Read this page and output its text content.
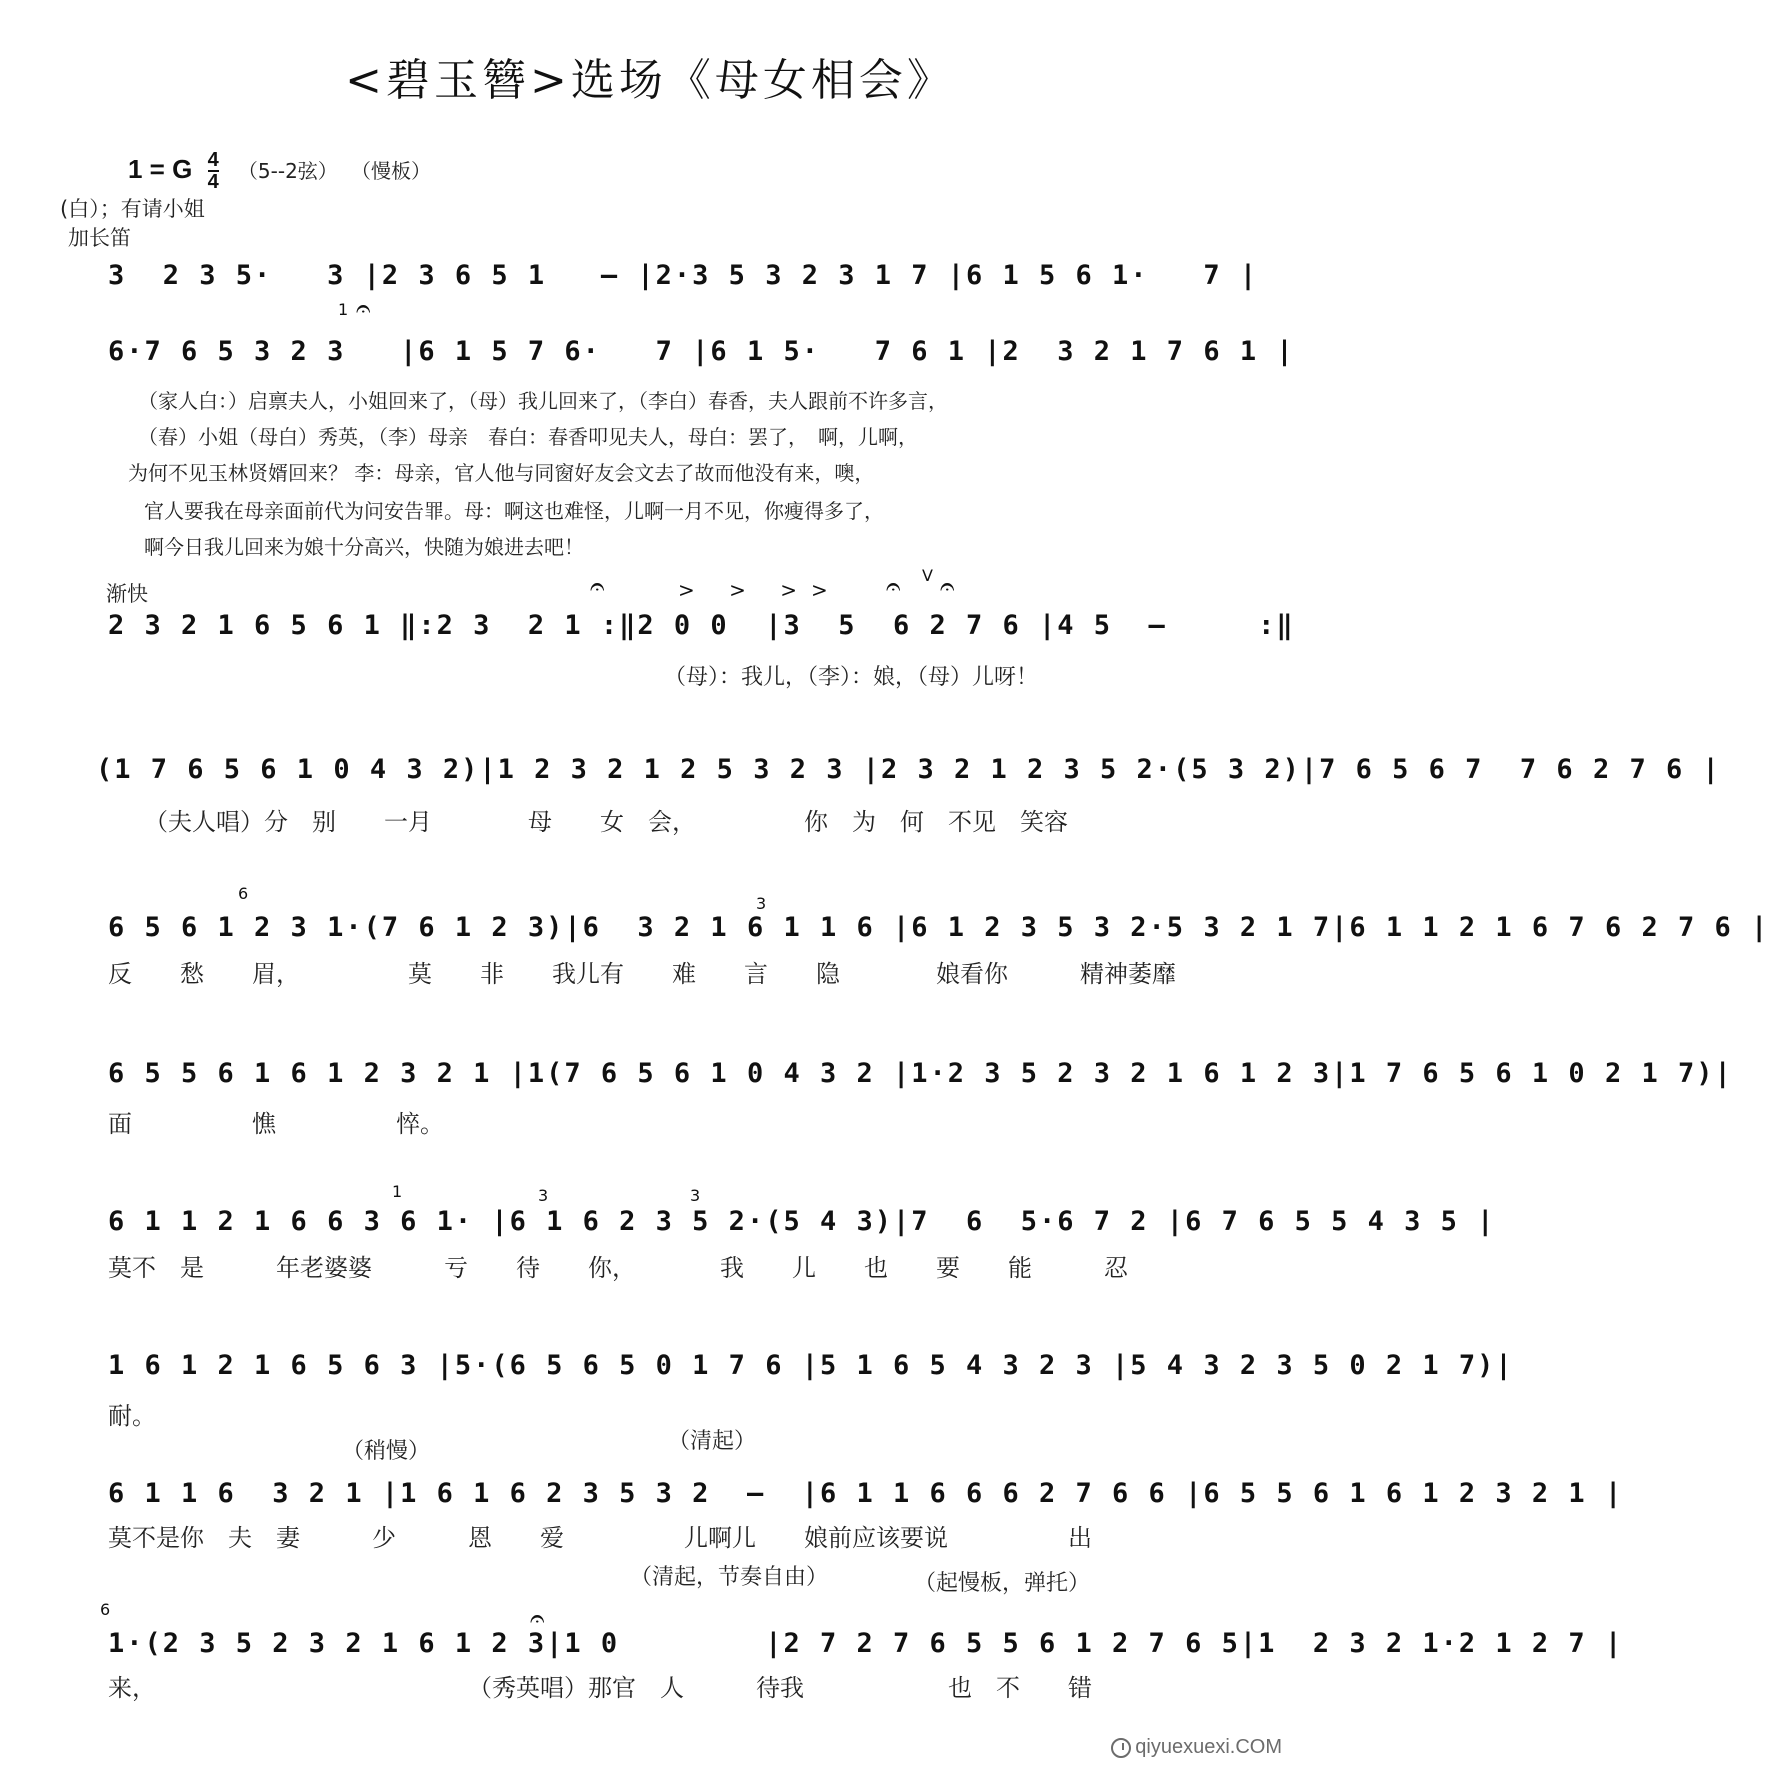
<碧玉簪>选场《母女相会》
1 = G $\frac{4}{4} (5--2$弦） （慢板）
(白）；有请小姐
加长笛
3  2 3 5·   3 |2 3 6 5 1   – |2·3 5 3 2 3 1 7 |6 1 5 6 1·   7 |
1 𝄐
6·7 6 5 3 2 3   |6 1 5 7 6·   7 |6 1 5·   7 6 1 |2  3 2 1 7 6 1 |
（家人白：）启禀夫人，小姐回来了，（母）我儿回来了，（李白）春香，夫人跟前不许多言，
（春）小姐（母白）秀英，（李）母亲　春白：春香叩见夫人，母白：罢了，　啊，儿啊，
为何不见玉林贤婿回来？ 李：母亲，官人他与同窗好友会文去了故而他没有来，噢，
官人要我在母亲面前代为问安告罪。母：啊这也难怪，儿啊一月不见，你瘦得多了，
啊今日我儿回来为娘十分高兴，快随为娘进去吧！
渐快	> > >>
𝄐	𝄐 𝄐
V
2 3 2 1 6 5 6 1 ‖:2 3  2 1 :‖2 0 0  |3  5  6 2 7 6 |4 5  –     :‖
（母）：我儿，（李）：娘，（母）儿呀！
(1 7 6 5 6 1 0 4 3 2)|1 2 3 2 1 2 5 3 2 3 |2 3 2 1 2 3 5 2·(5 3 2)|7 6 5 6 7  7 6 2 7 6 |
　　（夫人唱）分　别　　一月　　　　母　　女　会，　　　　　你　为　何　不见　笑容
6
3
6 5 6 1 2 3 1·(7 6 1 2 3)|6  3 2 1 6 1 1 6 |6 1 2 3 5 3 2·5 3 2 1 7|6 1 1 2 1 6 7 6 2 7 6 |
反　　愁　　眉，　　　　　莫　　非　　我儿有　　难　　言　　隐　　　　娘看你　　　精神萎靡
6 5 5 6 1 6 1 2 3 2 1 |1(7 6 5 6 1 0 4 3 2 |1·2 3 5 2 3 2 1 6 1 2 3|1 7 6 5 6 1 0 2 1 7)|
面　　　　　憔　　　　　悴。
1	3	3
6 1 1 2 1 6 6 3 6 1· |6 1 6 2 3 5 2·(5 4 3)|7  6  5·6 7 2 |6 7 6 5 5 4 3 5 |
莫不　是　　　年老婆婆　　　亏　　待　　你，　　　　我　　儿　　也　　要　　能　　　忍
1 6 1 2 1 6 5 6 3 |5·(6 5 6 5 0 1 7 6 |5 1 6 5 4 3 2 3 |5 4 3 2 3 5 0 2 1 7)|
耐。
（稍慢）	（清起）
6 1 1 6  3 2 1 |1 6 1 6 2 3 5 3 2  –  |6 1 1 6 6 6 2 7 6 6 |6 5 5 6 1 6 1 2 3 2 1 |
莫不是你　夫　妻　　　少　　　恩　　爱　　　　　儿啊儿　　娘前应该要说　　　　　出
（清起，节奏自由）	（起慢板，弹托）
6	𝄐
1·(2 3 5 2 3 2 1 6 1 2 3|1 0        |2 7 2 7 6 5 5 6 1 2 7 6 5|1  2 3 2 1·2 1 2 7 |
来，　　　　　　　　　　　　　　（秀英唱）那官　人　　　待我　　　　　　也　不　　错
qiyuexuexi.COM
